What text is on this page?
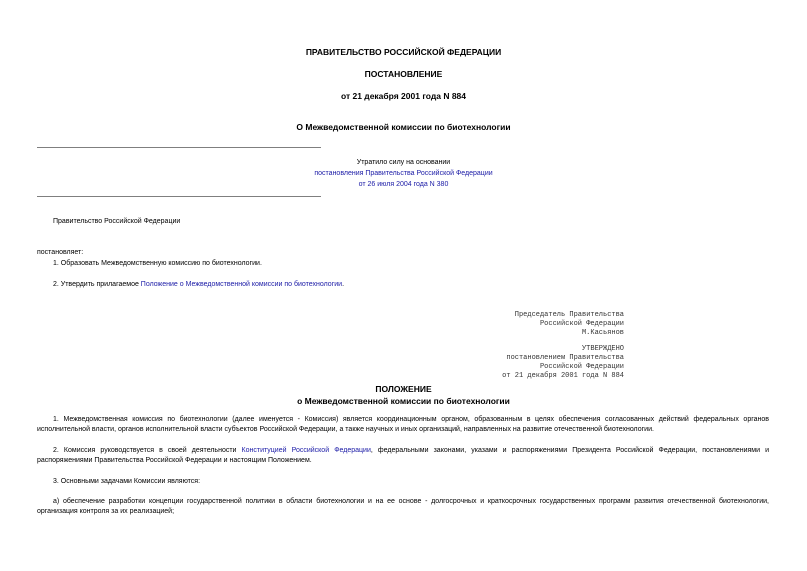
ПРАВИТЕЛЬСТВО РОССИЙСКОЙ ФЕДЕРАЦИИ
ПОСТАНОВЛЕНИЕ
от 21 декабря 2001 года N 884
О Межведомственной комиссии по биотехнологии
Утратило силу на основании
постановления Правительства Российской Федерации
от 26 июля 2004 года N 380
Правительство Российской Федерации
постановляет:
1. Образовать Межведомственную комиссию по биотехнологии.
2. Утвердить прилагаемое Положение о Межведомственной комиссии по биотехнологии.
Председатель Правительства
Российской Федерации
М.Касьянов
УТВЕРЖДЕНО
постановлением Правительства
Российской Федерации
от 21 декабря 2001 года N 884
ПОЛОЖЕНИЕ
о Межведомственной комиссии по биотехнологии
1. Межведомственная комиссия по биотехнологии (далее именуется - Комиссия) является координационным органом, образованным в целях обеспечения согласованных действий федеральных органов исполнительной власти, органов исполнительной власти субъектов Российской Федерации, а также научных и иных организаций, направленных на развитие отечественной биотехнологии.
2. Комиссия руководствуется в своей деятельности Конституцией Российской Федерации, федеральными законами, указами и распоряжениями Президента Российской Федерации, постановлениями и распоряжениями Правительства Российской Федерации и настоящим Положением.
3. Основными задачами Комиссии являются:
а) обеспечение разработки концепции государственной политики в области биотехнологии и на ее основе - долгосрочных и краткосрочных государственных программ развития отечественной биотехнологии, организация контроля за их реализацией;
